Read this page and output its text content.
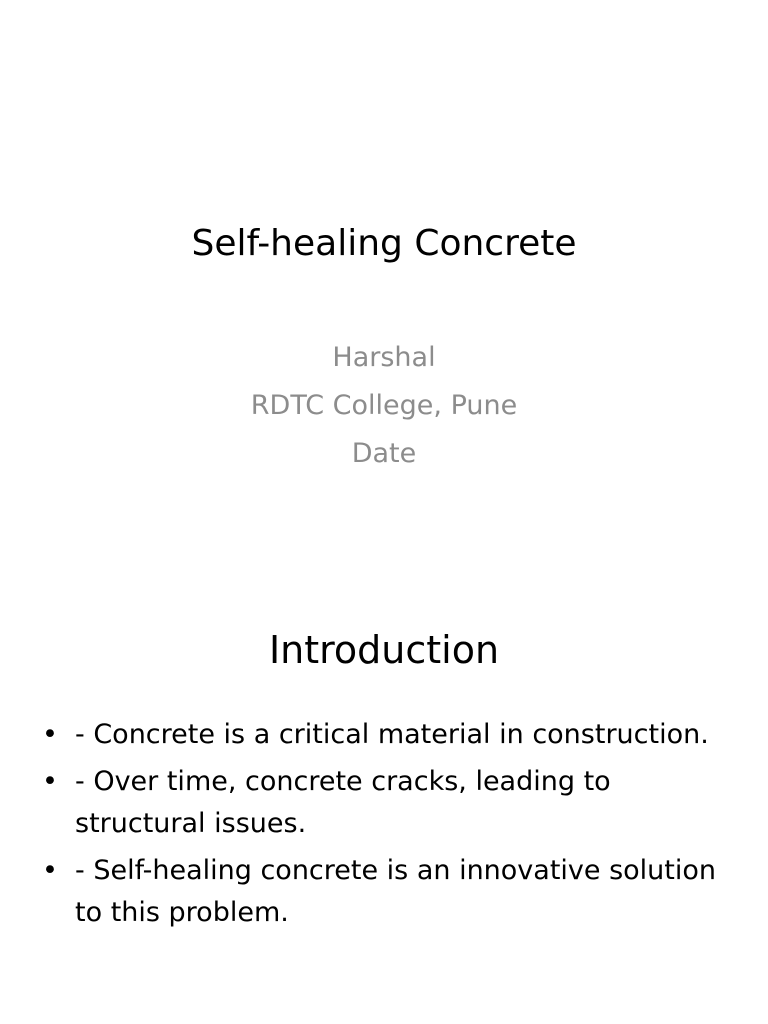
Self-healing Concrete
Harshal
RDTC College, Pune
Date
Introduction
• - Concrete is a critical material in construction.
• - Over time, concrete cracks, leading to structural issues.
• - Self-healing concrete is an innovative solution to this problem.
